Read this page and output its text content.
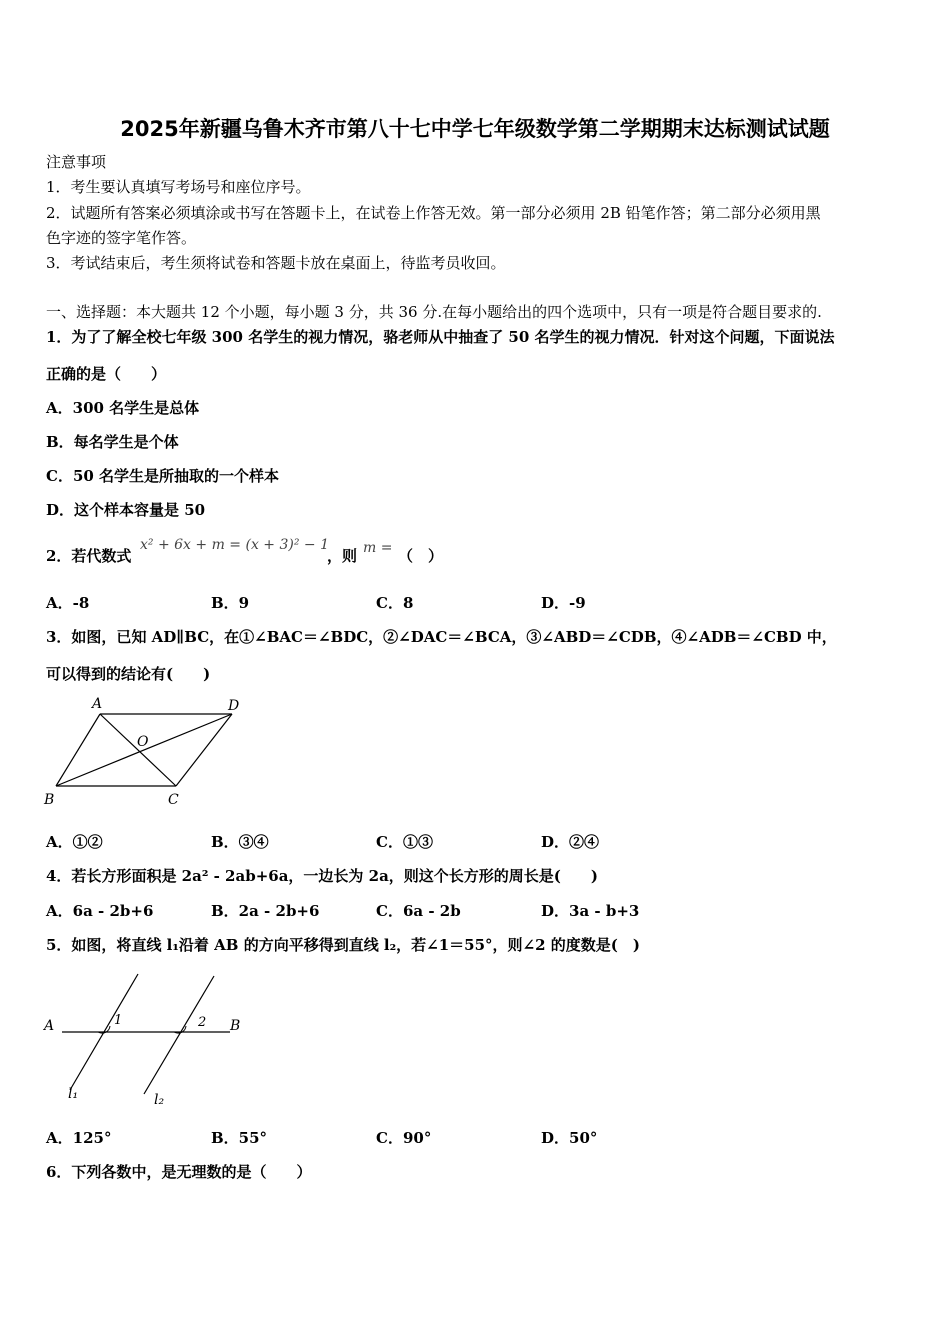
2025年新疆乌鲁木齐市第八十七中学七年级数学第二学期期末达标测试试题
注意事项
1．考生要认真填写考场号和座位序号。
2．试题所有答案必须填涂或书写在答题卡上，在试卷上作答无效。第一部分必须用 2B 铅笔作答；第二部分必须用黑
色字迹的签字笔作答。
3．考试结束后，考生须将试卷和答题卡放在桌面上，待监考员收回。
一、选择题：本大题共 12 个小题，每小题 3 分，共 36 分.在每小题给出的四个选项中，只有一项是符合题目要求的.
1．为了了解全校七年级 300 名学生的视力情况，骆老师从中抽查了 50 名学生的视力情况．针对这个问题，下面说法
正确的是（　　）
A．300 名学生是总体
B．每名学生是个体
C．50 名学生是所抽取的一个样本
D．这个样本容量是 50
2．若代数式
x² + 6x + m = (x + 3)² − 1
，则 m = （　）
A．-8	B．9	C．8	D．-9
3．如图，已知 AD∥BC，在①∠BAC＝∠BDC，②∠DAC＝∠BCA，③∠ABD＝∠CDB，④∠ADB＝∠CBD 中，
可以得到的结论有(　　)
A	D
O
B	C
A．①②	B．③④	C．①③	D．②④
4．若长方形面积是 2a² - 2ab+6a，一边长为 2a，则这个长方形的周长是(　　)
A．6a - 2b+6	B．2a - 2b+6	C．6a - 2b	D．3a - b+3
5．如图，将直线 l₁沿着 AB 的方向平移得到直线 l₂，若∠1＝55°，则∠2 的度数是(　)
A	B
1	2
l₁	l₂
A．125°	B．55°	C．90°	D．50°
6．下列各数中，是无理数的是（　　）
